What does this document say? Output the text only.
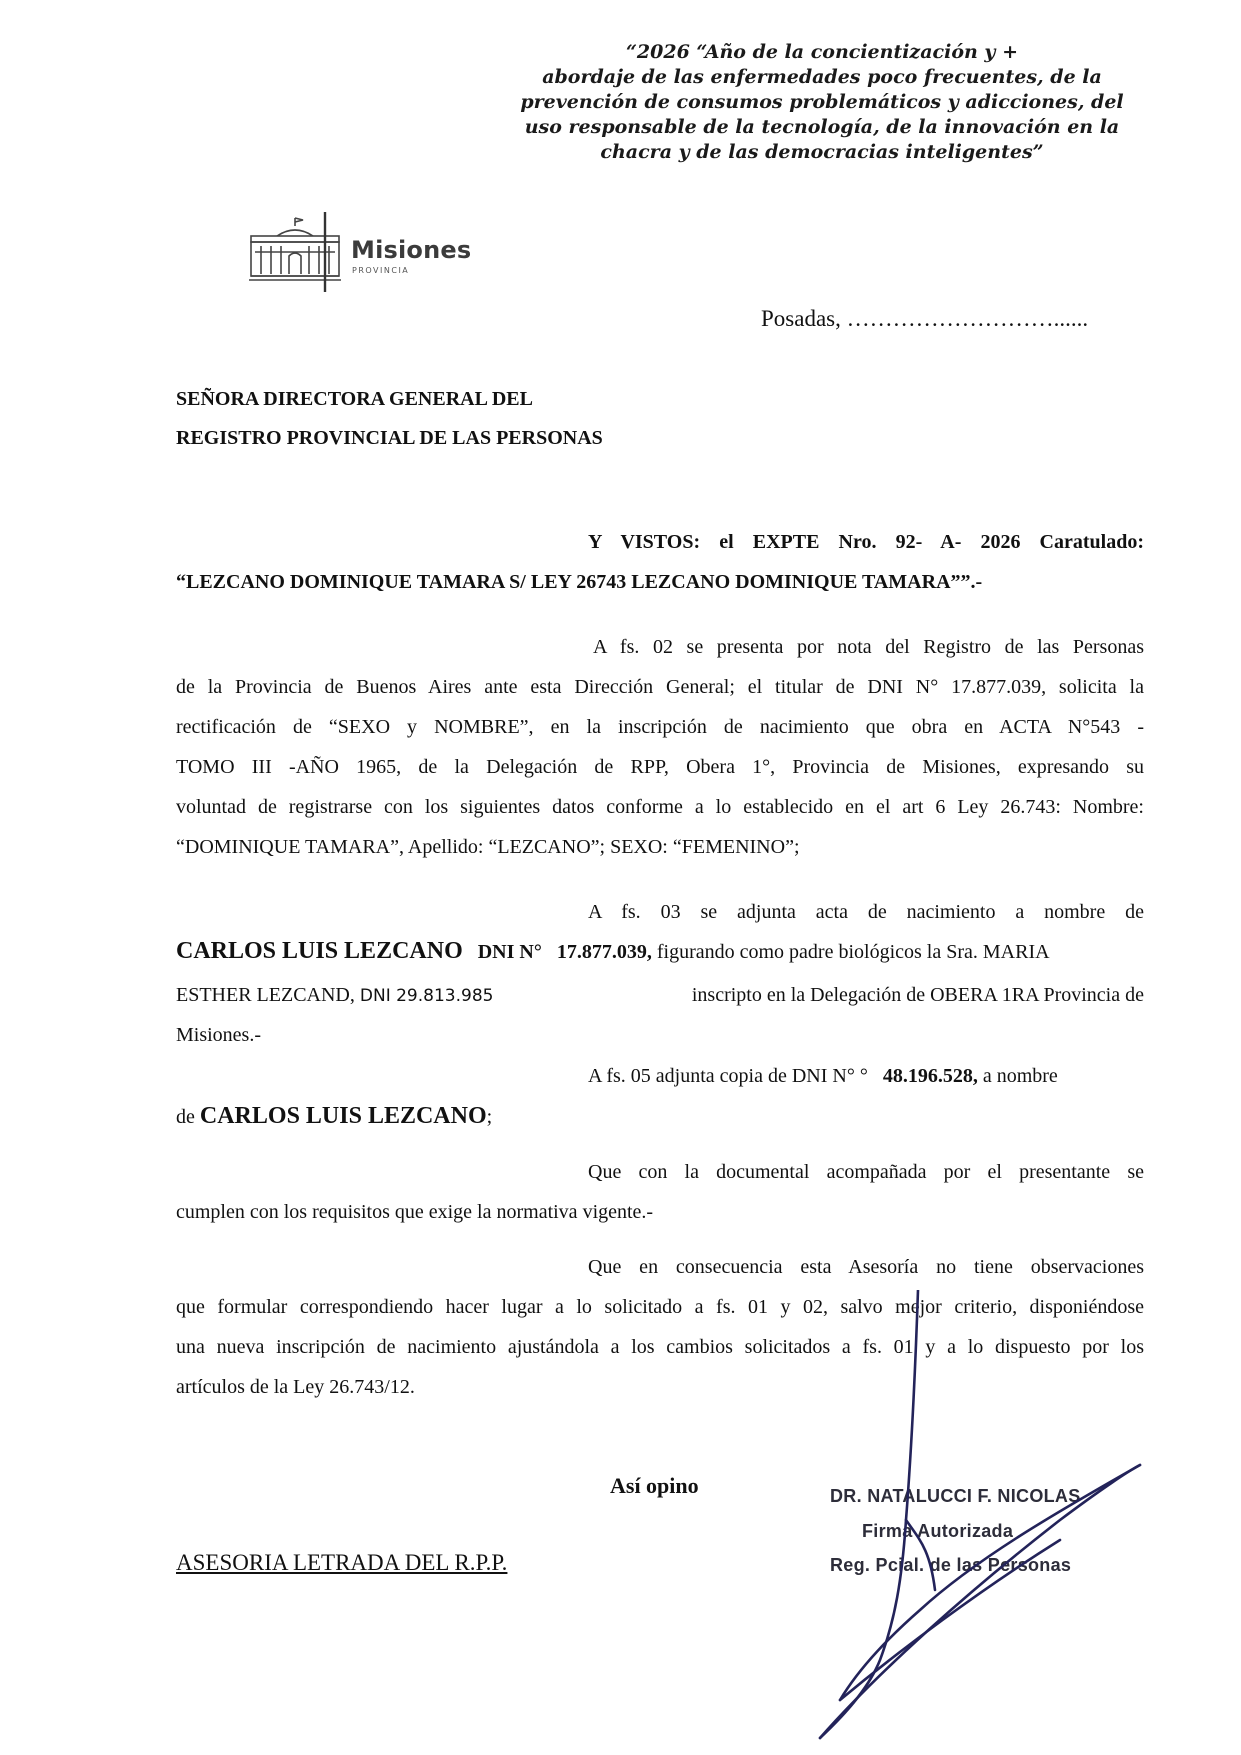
“2026 “Año de la concientización y +
abordaje de las enfermedades poco frecuentes, de la
prevención de consumos problemáticos y adicciones, del
uso responsable de la tecnología, de la innovación en la
chacra y de las democracias inteligentes”
Misiones
PROVINCIA
Posadas, ………………………......
SEÑORA DIRECTORA GENERAL DEL
REGISTRO PROVINCIAL DE LAS PERSONAS
Y VISTOS: el EXPTE Nro. 92- A- 2026 Caratulado:
“LEZCANO DOMINIQUE TAMARA S/ LEY 26743 LEZCANO DOMINIQUE TAMARA””.-
A fs. 02 se presenta por nota del Registro de las Personas
de la Provincia de Buenos Aires ante esta Dirección General; el titular de DNI N° 17.877.039, solicita la
rectificación de “SEXO y NOMBRE”, en la inscripción de nacimiento que obra en ACTA N°543 -
TOMO III -AÑO 1965, de la Delegación de RPP, Obera 1°, Provincia de Misiones, expresando su
voluntad de registrarse con los siguientes datos conforme a lo establecido en el art 6 Ley 26.743: Nombre:
“DOMINIQUE TAMARA”, Apellido: “LEZCANO”; SEXO: “FEMENINO”;
A fs. 03 se adjunta acta de nacimiento a nombre de
CARLOS LUIS LEZCANO DNI N° 17.877.039, figurando como padre biológicos la Sra. MARIA
ESTHER LEZCAND, DNI 29.813.985	inscripto en la Delegación de OBERA 1RA Provincia de
Misiones.-
A fs. 05 adjunta copia de DNI N° ° 48.196.528, a nombre
de CARLOS LUIS LEZCANO;
Que con la documental acompañada por el presentante se
cumplen con los requisitos que exige la normativa vigente.-
Que en consecuencia esta Asesoría no tiene observaciones
que formular correspondiendo hacer lugar a lo solicitado a fs. 01 y 02, salvo mejor criterio, disponiéndose
una nueva inscripción de nacimiento ajustándola a los cambios solicitados a fs. 01 y a lo dispuesto por los
artículos de la Ley 26.743/12.
Así opino
ASESORIA LETRADA DEL R.P.P.
DR. NATALUCCI F. NICOLAS
Firma Autorizada
Reg. Pcial. de las Personas
